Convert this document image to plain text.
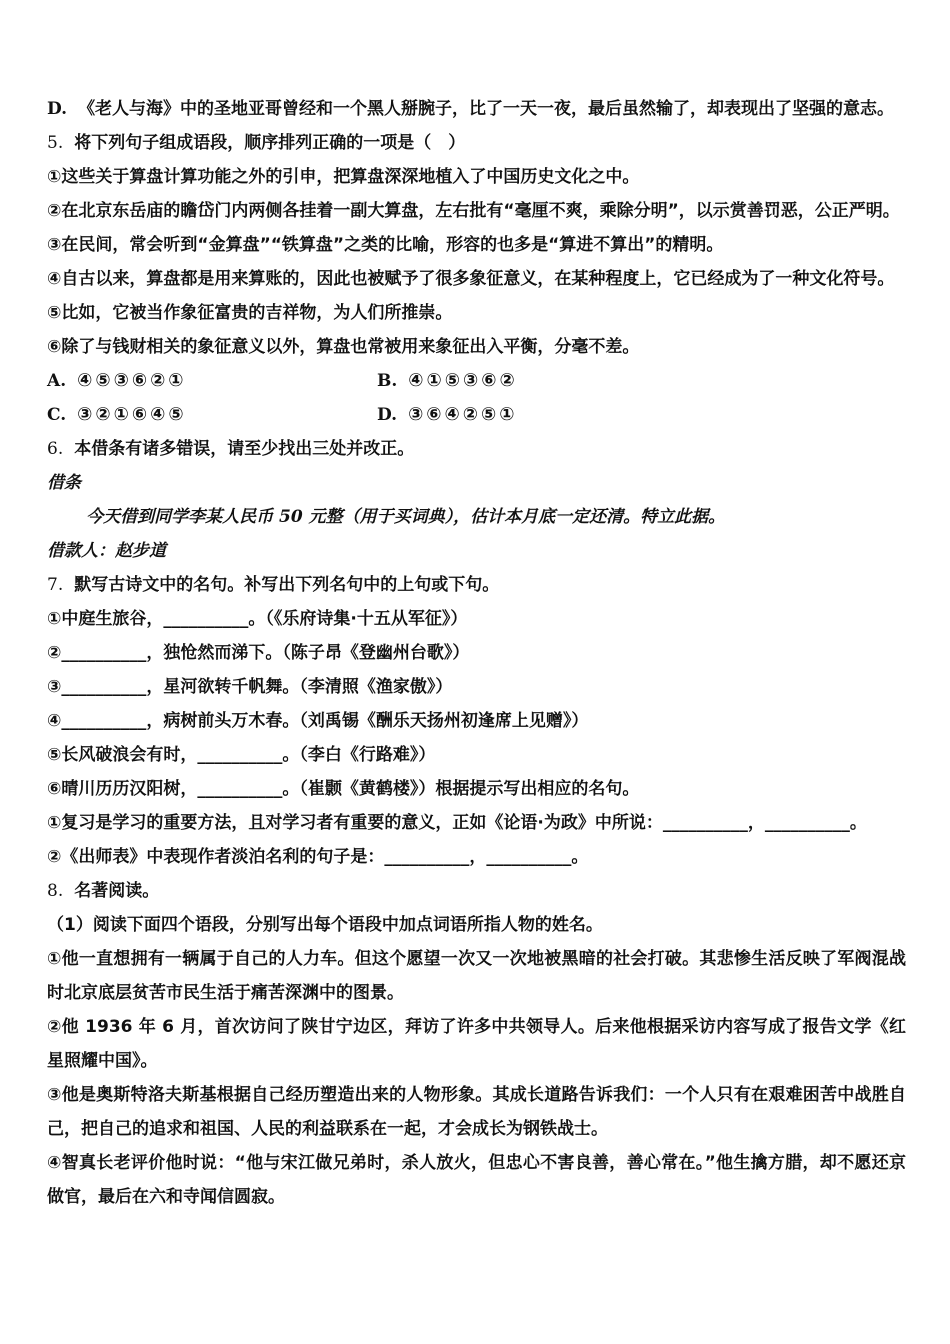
D. 《老人与海》中的圣地亚哥曾经和一个黑人掰腕子，比了一天一夜，最后虽然输了，却表现出了坚强的意志。

5. 将下列句子组成语段，顺序排列正确的一项是（　）

①这些关于算盘计算功能之外的引申，把算盘深深地植入了中国历史文化之中。

②在北京东岳庙的瞻岱门内两侧各挂着一副大算盘，左右批有“毫厘不爽，乘除分明”，以示赏善罚恶，公正严明。

③在民间，常会听到“金算盘”“铁算盘”之类的比喻，形容的也多是“算进不算出”的精明。

④自古以来，算盘都是用来算账的，因此也被赋予了很多象征意义，在某种程度上，它已经成为了一种文化符号。

⑤比如，它被当作象征富贵的吉祥物，为人们所推崇。

⑥除了与钱财相关的象征意义以外，算盘也常被用来象征出入平衡，分毫不差。

A. ④⑤③⑥②①	B. ④①⑤③⑥②
C. ③②①⑥④⑤	D. ③⑥④②⑤①

6. 本借条有诸多错误，请至少找出三处并改正。

借条

今天借到同学李某人民币 50 元整（用于买词典），估计本月底一定还清。特立此据。

借款人：赵步道

7. 默写古诗文中的名句。补写出下列名句中的上句或下句。

①中庭生旅谷，__________。（《乐府诗集·十五从军征》）

②__________，独怆然而涕下。（陈子昂《登幽州台歌》）

③__________，星河欲转千帆舞。（李清照《渔家傲》）

④__________，病树前头万木春。（刘禹锡《酬乐天扬州初逢席上见赠》）

⑤长风破浪会有时，__________。（李白《行路难》）

⑥晴川历历汉阳树，__________。（崔颢《黄鹤楼》）根据提示写出相应的名句。

①复习是学习的重要方法，且对学习者有重要的意义，正如《论语·为政》中所说：__________，__________。

②《出师表》中表现作者淡泊名利的句子是：__________，__________。

8. 名著阅读。

（1）阅读下面四个语段，分别写出每个语段中加点词语所指人物的姓名。

①他一直想拥有一辆属于自己的人力车。但这个愿望一次又一次地被黑暗的社会打破。其悲惨生活反映了军阀混战时北京底层贫苦市民生活于痛苦深渊中的图景。

②他 1936 年 6 月，首次访问了陕甘宁边区，拜访了许多中共领导人。后来他根据采访内容写成了报告文学《红星照耀中国》。

③他是奥斯特洛夫斯基根据自己经历塑造出来的人物形象。其成长道路告诉我们：一个人只有在艰难困苦中战胜自己，把自己的追求和祖国、人民的利益联系在一起，才会成长为钢铁战士。

④智真长老评价他时说：“他与宋江做兄弟时，杀人放火，但忠心不害良善，善心常在。”他生擒方腊，却不愿还京做官，最后在六和寺闻信圆寂。
